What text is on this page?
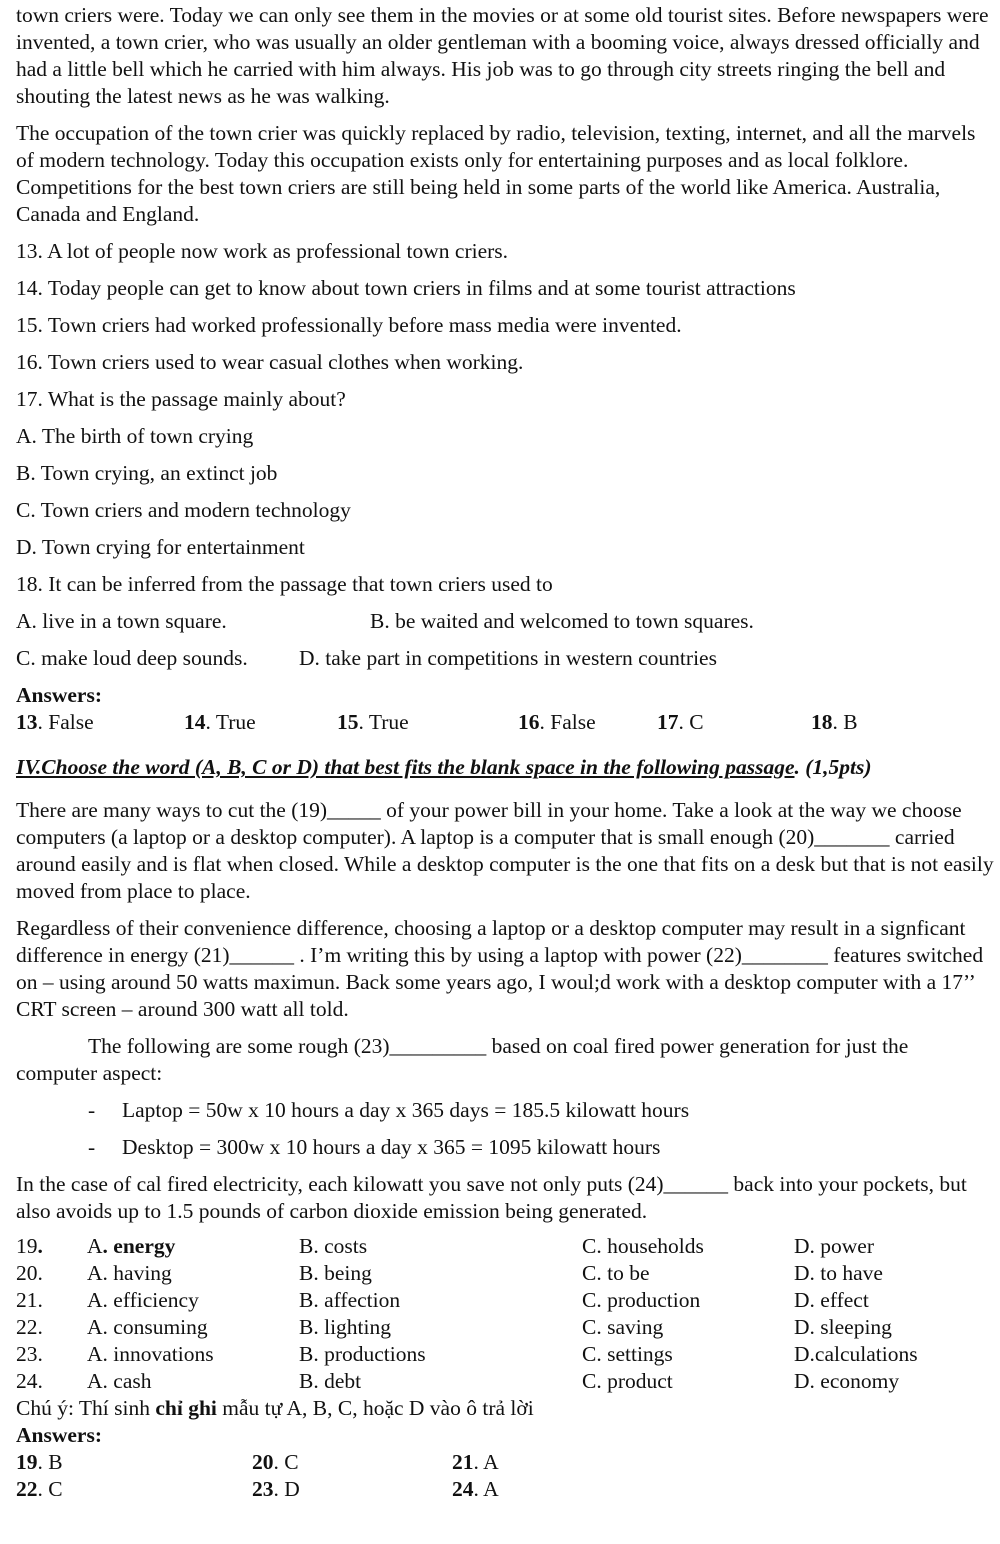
town criers were. Today we can only see them in the movies or at some old tourist sites. Before newspapers were invented, a town crier, who was usually an older gentleman with a booming voice, always dressed officially and had a little bell which he carried with him always. His job was to go through city streets ringing the bell and shouting the latest news as he was walking.

The occupation of the town crier was quickly replaced by radio, television, texting, internet, and all the marvels of modern technology. Today this occupation exists only for entertaining purposes and as local folklore. Competitions for the best town criers are still being held in some parts of the world like America. Australia, Canada and England.

13. A lot of people now work as professional town criers.

14. Today people can get to know about town criers in films and at some tourist attractions

15. Town criers had worked professionally before mass media were invented.

16. Town criers used to wear casual clothes when working.

17. What is the passage mainly about?

A. The birth of town crying

B. Town crying, an extinct job

C. Town criers and modern technology

D. Town crying for entertainment

18. It can be inferred from the passage that town criers used to

A. live in a town square.	B. be waited and welcomed to town squares.
C. make loud deep sounds. D. take part in competitions in western countries

Answers:

13. False	14. True	15. True	16. False	17. C	18. B

IV.Choose the word (A, B, C or D) that best fits the blank space in the following passage. (1,5pts)

There are many ways to cut the (19)_____ of your power bill in your home. Take a look at the way we choose computers (a laptop or a desktop computer). A laptop is a computer that is small enough (20)_______ carried around easily and is flat when closed. While a desktop computer is the one that fits on a desk but that is not easily moved from place to place.

Regardless of their convenience difference, choosing a laptop or a desktop computer may result in a signficant difference in energy (21)______ . I’m writing this by using a laptop with power (22)________ features switched on – using around 50 watts maximun. Back some years ago, I woul;d work with a desktop computer with a 17’’ CRT screen – around 300 watt all told.

The following are some rough (23)_________ based on coal fired power generation for just the computer aspect:

- Laptop = 50w x 10 hours a day x 365 days = 185.5 kilowatt hours
- Desktop = 300w x 10 hours a day x 365 = 1095 kilowatt hours

In the case of cal fired electricity, each kilowatt you save not only puts (24)______ back into your pockets, but also avoids up to 1.5 pounds of carbon dioxide emission being generated.

19. A. energy	B. costs	C. households	D. power
20. A. having	B. being	C. to be	D. to have
21. A. efficiency	B. affection	C. production	D. effect
22. A. consuming	B. lighting	C. saving	D. sleeping
23. A. innovations	B. productions	C. settings	D.calculations
24. A. cash	B. debt	C. product	D. economy

Chú ý: Thí sinh chỉ ghi mẫu tự A, B, C, hoặc D vào ô trả lời

Answers:

19. B	20. C	21. A
22. C	23. D	24. A
